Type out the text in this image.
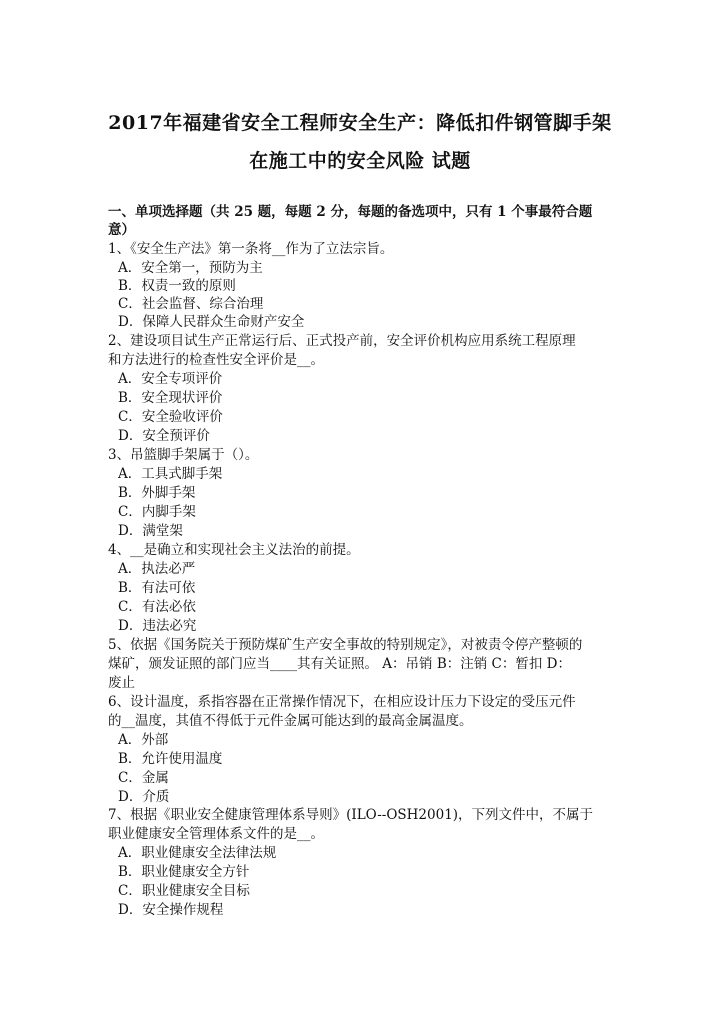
2017年福建省安全工程师安全生产：降低扣件钢管脚手架
在施工中的安全风险 试题
一、单项选择题（共 25 题，每题 2 分，每题的备选项中，只有 1 个事最符合题
意）
1、《安全生产法》第一条将__作为了立法宗旨。
A．安全第一，预防为主
B．权责一致的原则
C．社会监督、综合治理
D．保障人民群众生命财产安全
2、建设项目试生产正常运行后、正式投产前，安全评价机构应用系统工程原理
和方法进行的检查性安全评价是__。
A．安全专项评价
B．安全现状评价
C．安全验收评价
D．安全预评价
3、吊篮脚手架属于（）。
A．工具式脚手架
B．外脚手架
C．内脚手架
D．满堂架
4、__是确立和实现社会主义法治的前提。
A．执法必严
B．有法可依
C．有法必依
D．违法必究
5、依据《国务院关于预防煤矿生产安全事故的特别规定》，对被责令停产整顿的
煤矿，颁发证照的部门应当____其有关证照。 A：吊销 B：注销 C：暂扣 D：
废止
6、设计温度，系指容器在正常操作情况下，在相应设计压力下设定的受压元件
的__温度，其值不得低于元件金属可能达到的最高金属温度。
A．外部
B．允许使用温度
C．金属
D．介质
7、根据《职业安全健康管理体系导则》(ILO--OSH2001)，下列文件中，不属于
职业健康安全管理体系文件的是__。
A．职业健康安全法律法规
B．职业健康安全方针
C．职业健康安全目标
D．安全操作规程
